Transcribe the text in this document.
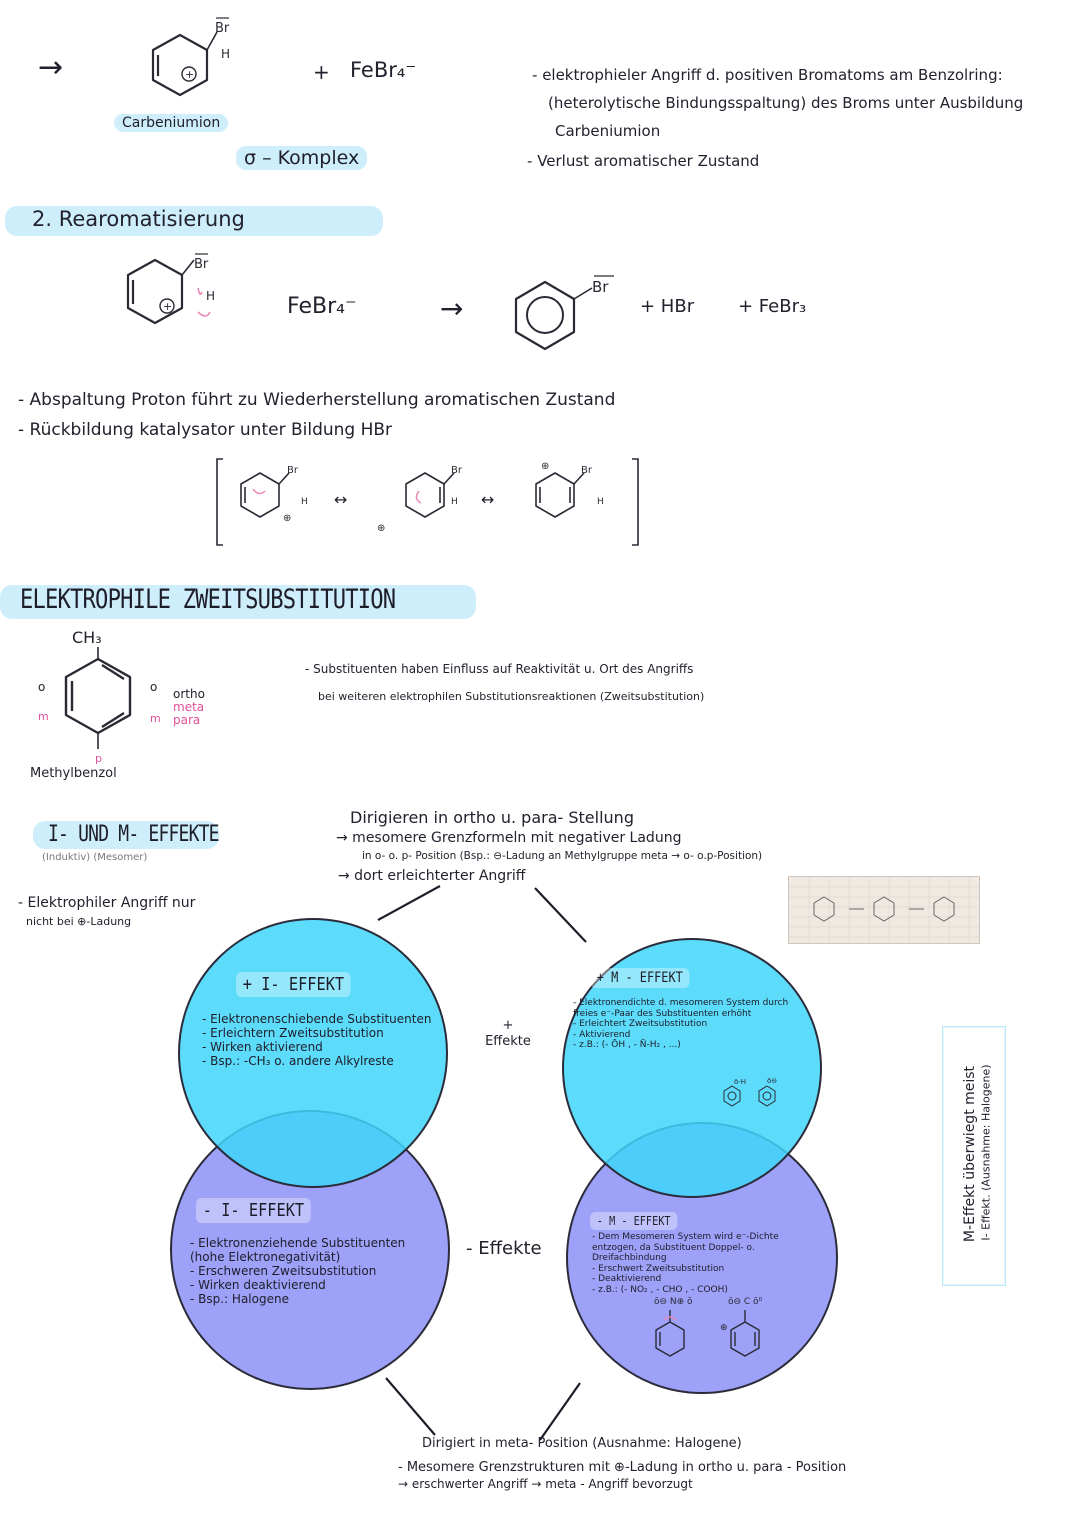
→	+
Br
H
Carbeniumion
σ – Komplex
+ FeBr₄⁻ -	elektrophieler Angriff d. positiven Bromatoms am Benzolring:
(heterolytische Bindungsspaltung) des Broms unter Ausbildung
Carbeniumion
- Verlust aromatischer Zustand
2. Rearomatisierung
+
Br
H	FeBr₄⁻	→
Br
+ HBr + FeBr₃
- Abspaltung Proton führt zu Wiederherstellung aromatischen Zustand
- Rückbildung katalysator unter Bildung HBr
Br
H
⊕
Br
H
⊕
Br
H
⊕
↔	↔
ELEKTROPHILE ZWEITSUBSTITUTION
CH₃
o	o
m	m
p
Methylbenzol
ortho
meta
para
- Substituenten haben Einfluss auf Reaktivität u. Ort des Angriffs
bei weiteren elektrophilen Substitutionsreaktionen (Zweitsubstitution)
I- UND M- EFFEKTE
(Induktiv) (Mesomer)
- Elektrophiler Angriff nur
nicht bei ⊕-Ladung
Dirigieren in ortho u. para- Stellung
→ mesomere Grenzformeln mit negativer Ladung
in o- o. p- Position (Bsp.: ⊖-Ladung an Methylgruppe meta → o- o.p-Position)
→ dort erleichterter Angriff
+ I- EFFEKT
- Elektronenschiebende Substituenten
- Erleichtern Zweitsubstitution
- Wirken aktivierend
- Bsp.: -CH₃ o. andere Alkylreste
+ M - EFFEKT
- Elektronendichte d. mesomeren System durch freies e⁻-Paar des Substituenten erhöht
- Erleichtert Zweitsubstitution
- Aktivierend
- z.B.: (- ŌH , - N̄-H₂ , ...)
ō-H	ō⊖
- I- EFFEKT
- Elektronenziehende Substituenten (hohe Elektronegativität)
- Erschweren Zweitsubstitution
- Wirken deaktivierend
- Bsp.: Halogene
- M - EFFEKT
- Dem Mesomeren System wird e⁻-Dichte entzogen, da Substituent Doppel- o. Dreifachbindung
- Erschwert Zweitsubstitution
- Deaktivierend
- z.B.: (- NO₂ , - CHO , - COOH)
ō⊖ N⊕ ō	ō⊖ C ō⁰
⊕
+ Effekte
- Effekte
M-Effekt überwiegt meist I- Effekt. (Ausnahme: Halogene)
Dirigiert in meta- Position (Ausnahme: Halogene)
- Mesomere Grenzstrukturen mit ⊕-Ladung in ortho u. para - Position
→ erschwerter Angriff → meta - Angriff bevorzugt
